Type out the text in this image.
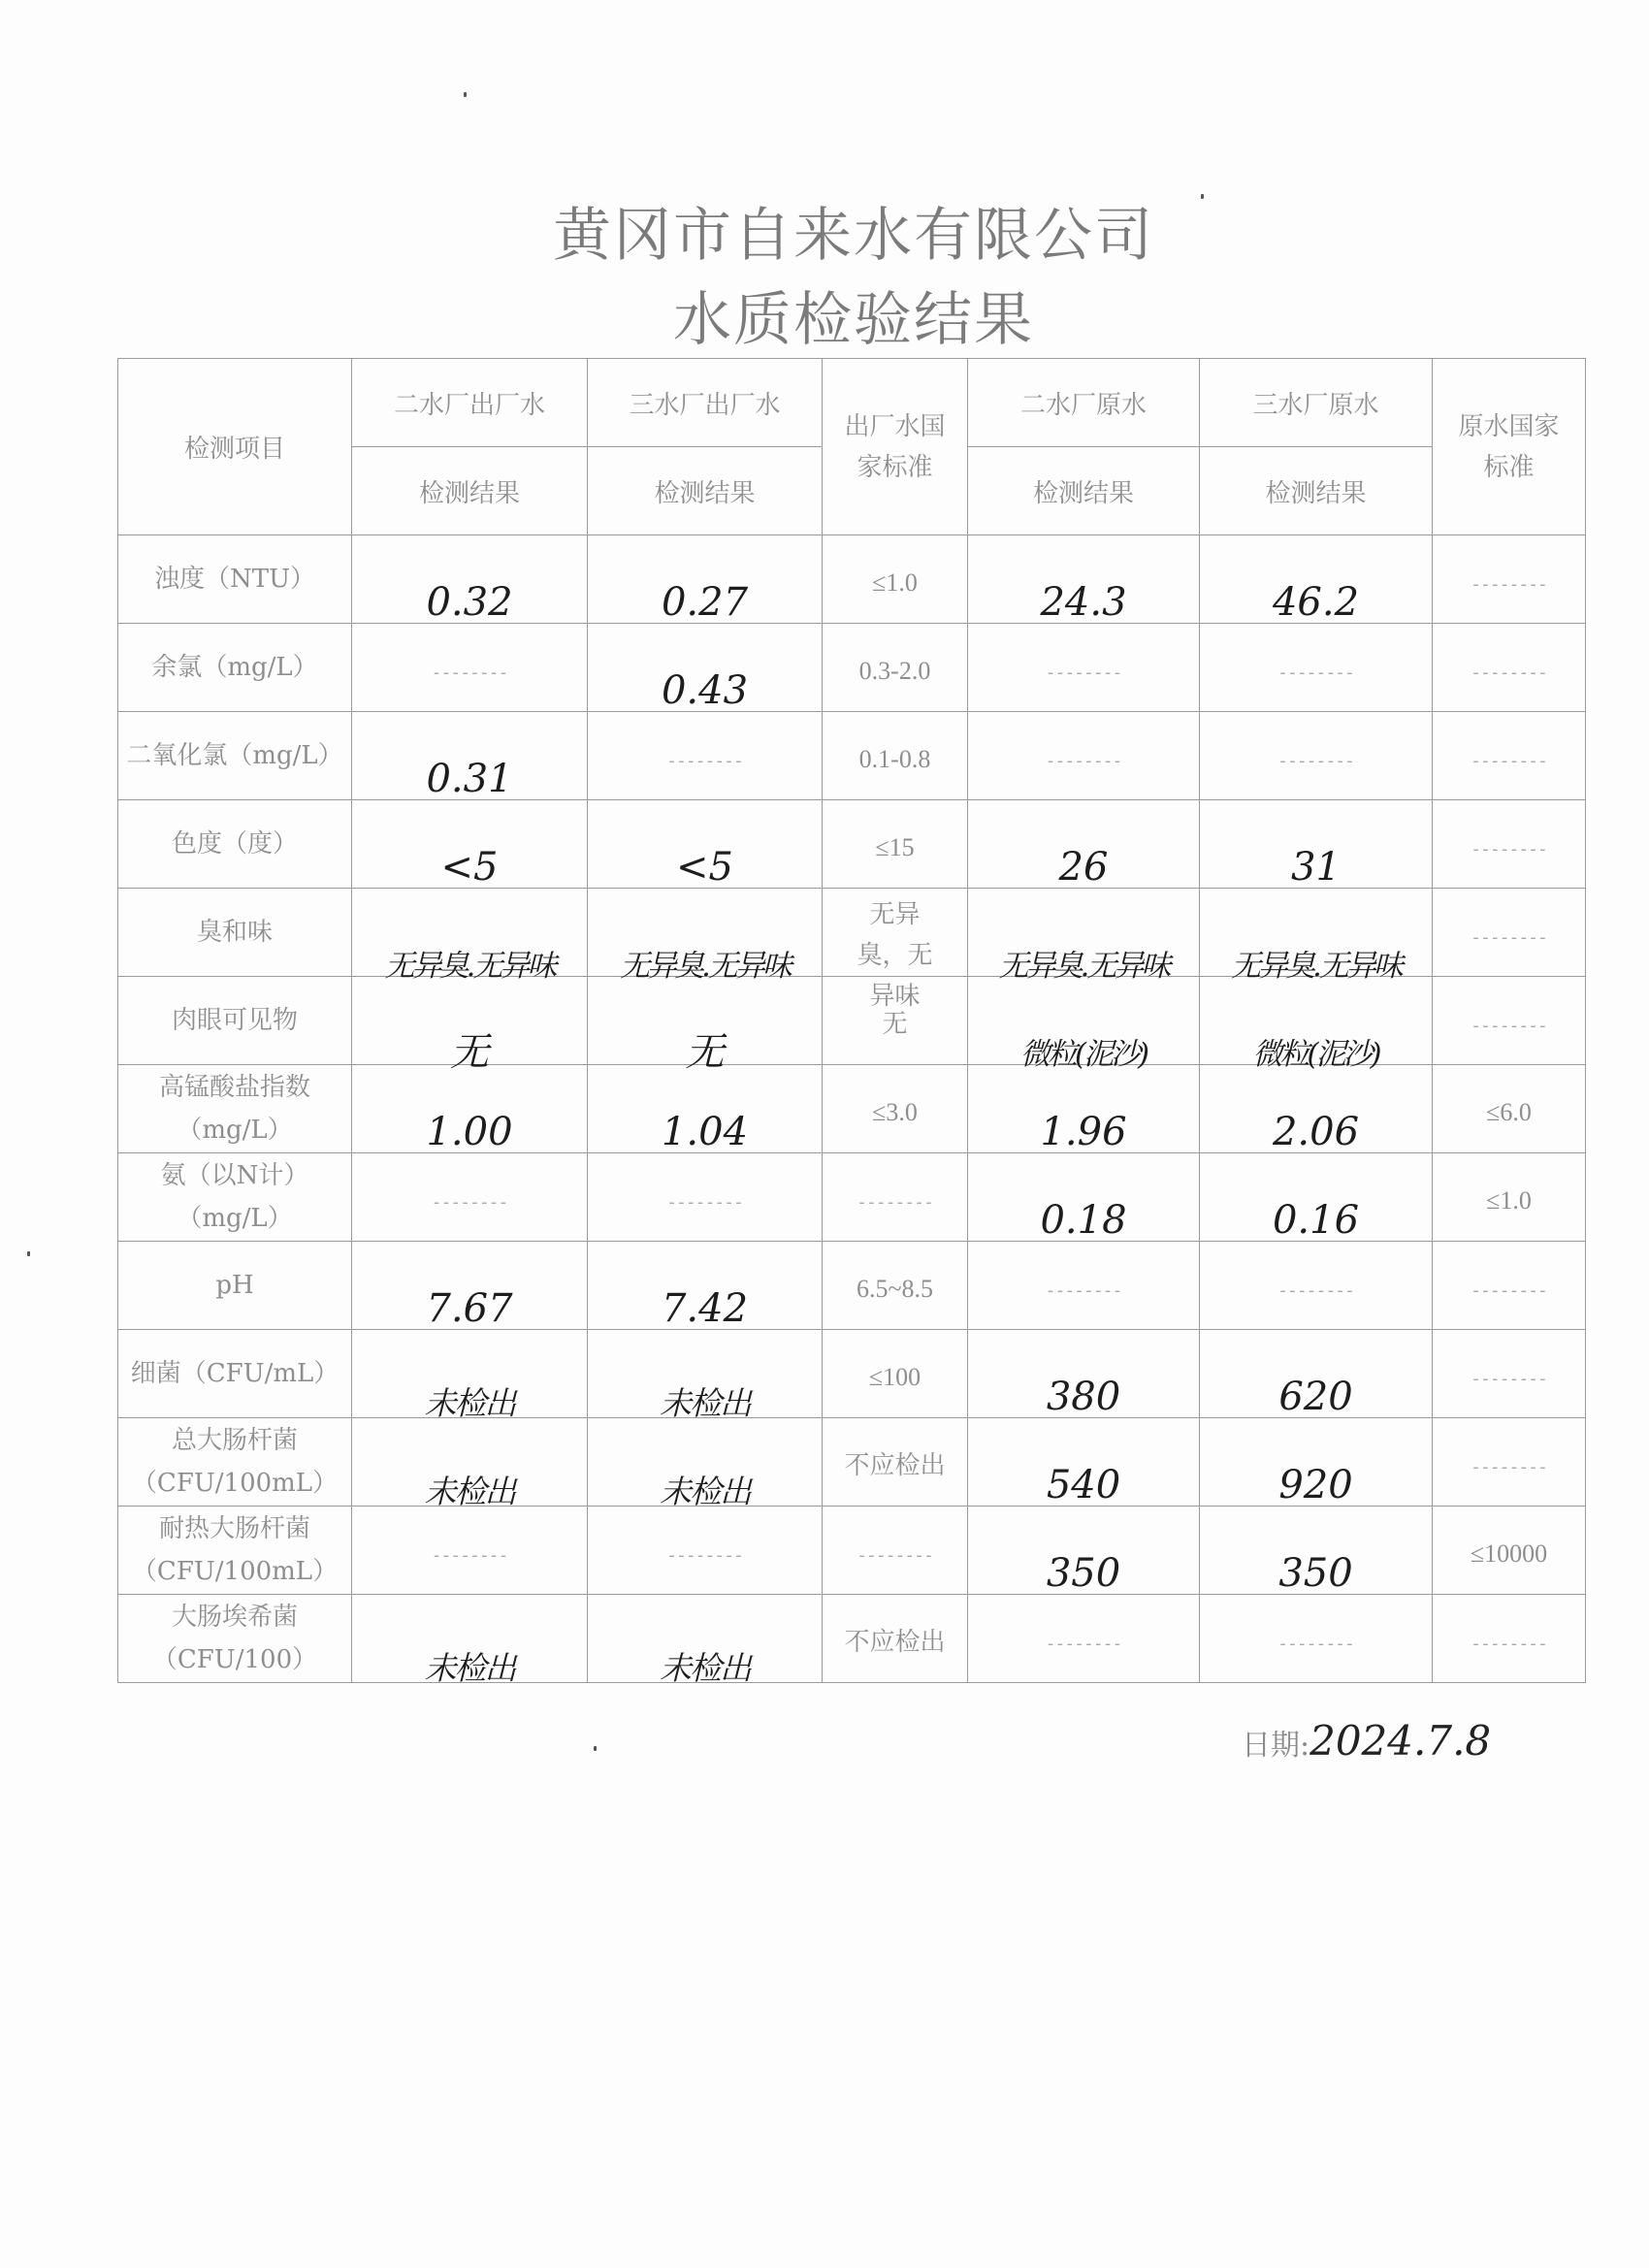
黄冈市自来水有限公司
水质检验结果
检测项目	二水厂出厂水	三水厂出厂水	出厂水国家标准	二水厂原水	三水厂原水	原水国家标准

	检测结果	检测结果		检测结果	检测结果	

浊度（NTU）	0.32	0.27	≤1.0	24.3	46.2	--------

余氯（mg/L）	--------	0.43	0.3-2.0	--------	--------	--------

二氧化氯（mg/L）	0.31	--------	0.1-0.8	--------	--------	--------

色度（度）	<5	<5	≤15	26	31	--------

臭和味	无异臭.无异味	无异臭.无异味	无异臭，无异味	无异臭.无异味	无异臭.无异味	--------

肉眼可见物	无	无	无	微粒(泥沙)	微粒(泥沙)	--------

高锰酸盐指数（mg/L）	1.00	1.04	≤3.0	1.96	2.06	≤6.0

氨（以N计）（mg/L）	--------	--------	--------	0.18	0.16	≤1.0

pH	7.67	7.42	6.5~8.5	--------	--------	--------

细菌（CFU/mL）	未检出	未检出	≤100	380	620	--------

总大肠杆菌（CFU/100mL）	未检出	未检出	不应检出	540	920	--------

耐热大肠杆菌（CFU/100mL）	--------	--------	--------	350	350	≤10000

大肠埃希菌（CFU/100）	未检出	未检出	不应检出	--------	--------	--------
日期:2024.7.8
